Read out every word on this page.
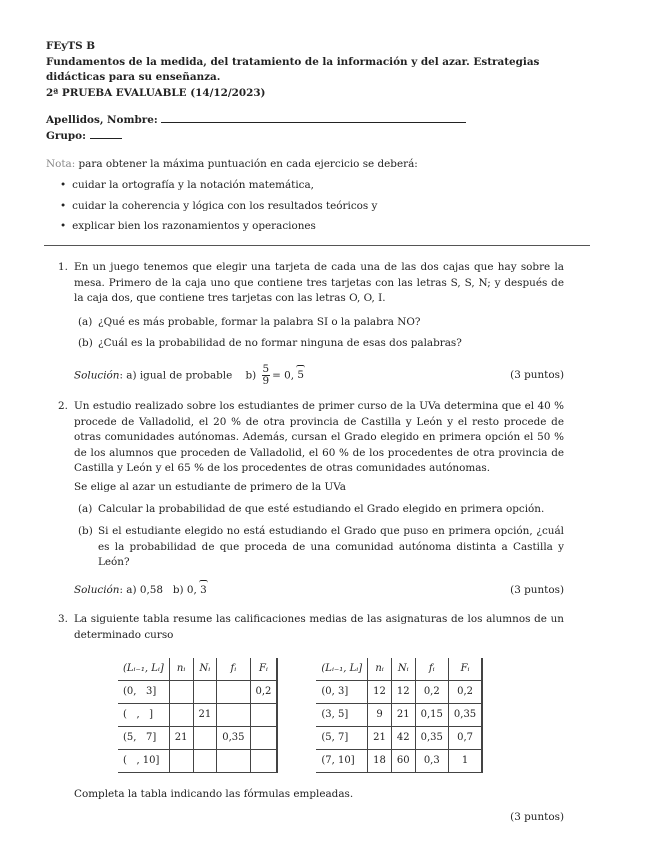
FEyTS B
Fundamentos de la medida, del tratamiento de la información y del azar. Estrategias didácticas para su enseñanza.
2ª PRUEBA EVALUABLE (14/12/2023)
Apellidos, Nombre:
Grupo:
Nota: para obtener la máxima puntuación en cada ejercicio se deberá:
• cuidar la ortografía y la notación matemática,
• cuidar la coherencia y lógica con los resultados teóricos y
• explicar bien los razonamientos y operaciones
1. En un juego tenemos que elegir una tarjeta de cada una de las dos cajas que hay sobre la mesa. Primero de la caja uno que contiene tres tarjetas con las letras S, S, N; y después de la caja dos, que contiene tres tarjetas con las letras O, O, I.
(a) ¿Qué es más probable, formar la palabra SI o la palabra NO?
(b) ¿Cuál es la probabilidad de no formar ninguna de esas dos palabras?
Solución: a) igual de probable $b) \frac{5}{9} = 0$, 5	(3 puntos)
2. Un estudio realizado sobre los estudiantes de primer curso de la UVa determina que el 40 % procede de Valladolid, el 20 % de otra provincia de Castilla y León y el resto procede de otras comunidades autónomas. Además, cursan el Grado elegido en primera opción el 50 % de los alumnos que proceden de Valladolid, el 60 % de los procedentes de otra provincia de Castilla y León y el 65 % de los procedentes de otras comunidades autónomas.
Se elige al azar un estudiante de primero de la UVa
(a) Calcular la probabilidad de que esté estudiando el Grado elegido en primera opción.
(b) Si el estudiante elegido no está estudiando el Grado que puso en primera opción, ¿cuál es la probabilidad de que proceda de una comunidad autónoma distinta a Castilla y León?
Solución: a) 0,58 b) 0, 3	(3 puntos)
3. La siguiente tabla resume las calificaciones medias de las asignaturas de los alumnos de un determinado curso
(Lᵢ₋₁, Lᵢ]	nᵢ	Nᵢ	fᵢ	Fᵢ
(0,   3]				0,2
(   ,   ]		21		
(5,   7]	21		0,35	
(   , 10]				
(Lᵢ₋₁, Lᵢ]	nᵢ	Nᵢ	fᵢ	Fᵢ
(0, 3]	12	12	0,2	0,2
(3, 5]	9	21	0,15	0,35
(5, 7]	21	42	0,35	0,7
(7, 10]	18	60	0,3	1
Completa la tabla indicando las fórmulas empleadas.
(3 puntos)
